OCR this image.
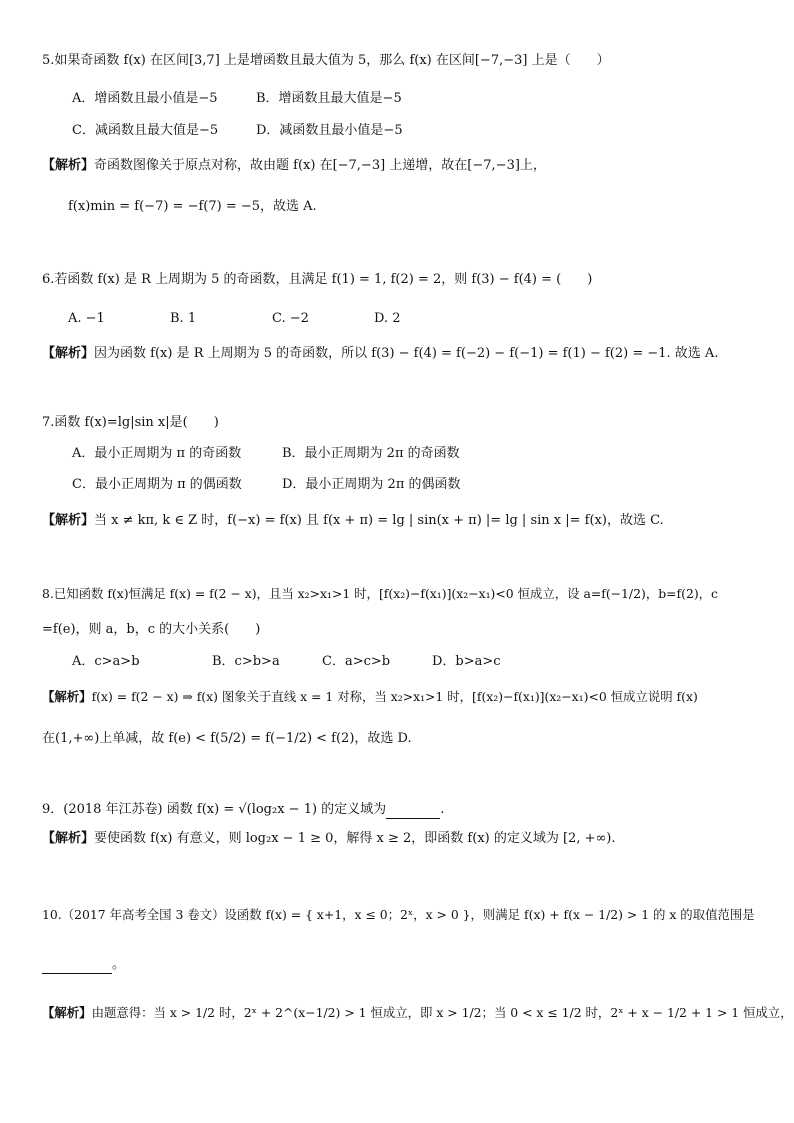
5.如果奇函数 f(x) 在区间[3,7] 上是增函数且最大值为 5，那么 f(x) 在区间[−7,−3] 上是（　　）
A．增函数且最小值是−5	B．增函数且最大值是−5
C．减函数且最大值是−5	D．减函数且最小值是−5
【解析】奇函数图像关于原点对称，故由题 f(x) 在[−7,−3] 上递增，故在[−7,−3]上，
f(x)min = f(−7) = −f(7) = −5，故选 A.
6.若函数 f(x) 是 R 上周期为 5 的奇函数，且满足 f(1) = 1, f(2) = 2，则 f(3) − f(4) = (　　)
A. −1	B. 1	C. −2	D. 2
【解析】因为函数 f(x) 是 R 上周期为 5 的奇函数，所以 f(3) − f(4) = f(−2) − f(−1) = f(1) − f(2) = −1. 故选 A.
7.函数 f(x)=lg|sin x|是(　　)
A．最小正周期为 π 的奇函数	B．最小正周期为 2π 的奇函数
C．最小正周期为 π 的偶函数	D．最小正周期为 2π 的偶函数
【解析】当 x ≠ kπ, k ∈ Z 时，f(−x) = f(x) 且 f(x + π) = lg | sin(x + π) |= lg | sin x |= f(x)，故选 C.
8.已知函数 f(x)恒满足 f(x) = f(2 − x)，且当 x₂>x₁>1 时，[f(x₂)−f(x₁)](x₂−x₁)<0 恒成立，设 a=f(−1/2)，b=f(2)，c
=f(e)，则 a，b，c 的大小关系(　　)
A．c>a>b	B．c>b>a	C．a>c>b	D．b>a>c
【解析】f(x) = f(2 − x) ⇒ f(x) 图象关于直线 x = 1 对称，当 x₂>x₁>1 时，[f(x₂)−f(x₁)](x₂−x₁)<0 恒成立说明 f(x)
在(1,+∞)上单减，故 f(e) < f(5/2) = f(−1/2) < f(2)，故选 D.
9．(2018 年江苏卷) 函数 f(x) = √(log₂x − 1) 的定义域为	.
【解析】要使函数 f(x) 有意义，则 log₂x − 1 ≥ 0，解得 x ≥ 2，即函数 f(x) 的定义域为 [2, +∞).
10.（2017 年高考全国 3 卷文）设函数 f(x) = { x+1，x ≤ 0；2ˣ，x > 0 }，则满足 f(x) + f(x − 1/2) > 1 的 x 的取值范围是
。
【解析】由题意得：当 x > 1/2 时，2ˣ + 2^(x−1/2) > 1 恒成立，即 x > 1/2；当 0 < x ≤ 1/2 时，2ˣ + x − 1/2 + 1 > 1 恒成立，
